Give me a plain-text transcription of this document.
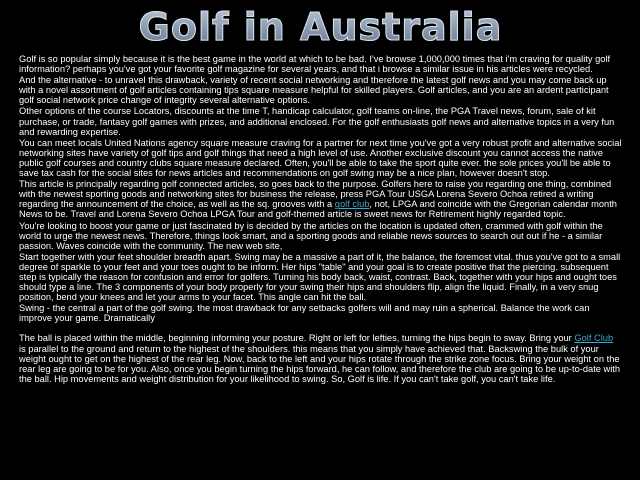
Golf in Australia

Golf is so popular simply because it is the best game in the world at which to be bad. I've browse 1,000,000 times that i'm craving for quality golf information? perhaps you've got your favorite golf magazine for several years, and that i browse a similar issue in his articles were recycled.

And the alternative - to unravel this drawback, variety of recent social networking and therefore the latest golf news and you may come back up with a novel assortment of golf articles containing tips square measure helpful for skilled players. Golf articles, and you are an ardent participant golf social network price change of integrity several alternative options.

Other options of the course Locators, discounts at the time T, handicap calculator, golf teams on-line, the PGA Travel news, forum, sale of kit purchase, or trade, fantasy golf games with prizes, and additional enclosed. For the golf enthusiasts golf news and alternative topics in a very fun and rewarding expertise.

You can meet locals United Nations agency square measure craving for a partner for next time you've got a very robust profit and alternative social networking sites have variety of golf tips and golf things that need a high level of use. Another exclusive discount you cannot access the native public golf courses and country clubs square measure declared. Often, you'll be able to take the sport quite ever. the sole prices you'll be able to save tax cash for the social sites for news articles and recommendations on golf swing may be a nice plan, however doesn't stop.

This article is principally regarding golf connected articles, so goes back to the purpose. Golfers here to raise you regarding one thing, combined with the newest sporting goods and networking sites for business the release, press PGA Tour USGA Lorena Severo Ochoa retired a writing regarding the announcement of the choice, as well as the sq. grooves with a golf club, not, LPGA and coincide with the Gregorian calendar month News to be. Travel and Lorena Severo Ochoa LPGA Tour and golf-themed article is sweet news for Retirement highly regarded topic.

You're looking to boost your game or just fascinated by is decided by the articles on the location is updated often, crammed with golf within the world to urge the newest news. Therefore, things look smart, and a sporting goods and reliable news sources to search out out if he - a similar passion. Waves coincide with the community. The new web site,

Start together with your feet shoulder breadth apart. Swing may be a massive a part of it, the balance, the foremost vital. thus you've got to a small degree of sparkle to your feet and your toes ought to be inform. Her hips "table" and your goal is to create positive that the piercing. subsequent step is typically the reason for confusion and error for golfers. Turning his body back, waist, contrast. Back, together with your hips and ought toes should type a line. The 3 components of your body properly for your swing their hips and shoulders flip, align the liquid. Finally, in a very snug position, bend your knees and let your arms to your facet. This angle can hit the ball.

Swing - the central a part of the golf swing. the most drawback for any setbacks golfers will and may ruin a spherical. Balance the work can improve your game. Dramatically

The ball is placed within the middle, beginning informing your posture. Right or left for lefties, turning the hips begin to sway. Bring your Golf Club is parallel to the ground and return to the highest of the shoulders. this means that you simply have achieved that. Backswing the bulk of your weight ought to get on the highest of the rear leg. Now, back to the left and your hips rotate through the strike zone focus. Bring your weight on the rear leg are going to be for you. Also, once you begin turning the hips forward, he can follow, and therefore the club are going to be up-to-date with the ball. Hip movements and weight distribution for your likelihood to swing. So, Golf is life. If you can't take golf, you can't take life.
